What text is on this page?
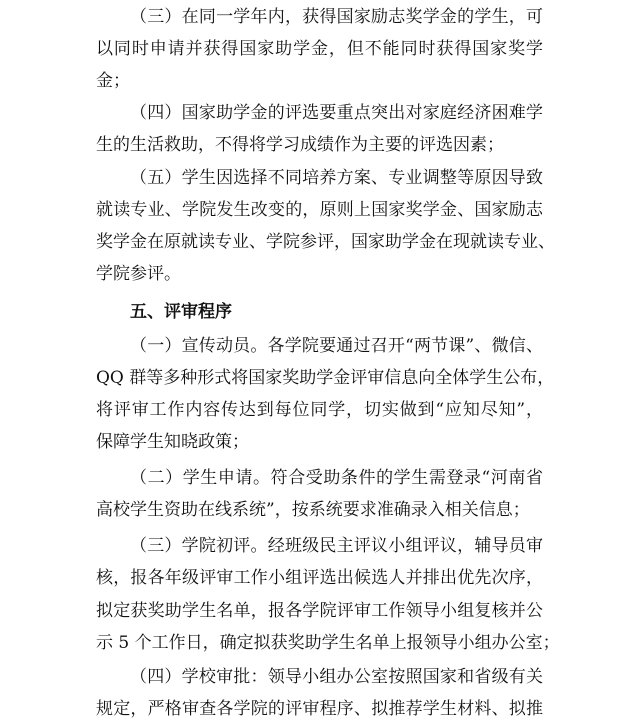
（三）在同一学年内，获得国家励志奖学金的学生，可
以同时申请并获得国家助学金，但不能同时获得国家奖学
金；
（四）国家助学金的评选要重点突出对家庭经济困难学
生的生活救助，不得将学习成绩作为主要的评选因素；
（五）学生因选择不同培养方案、专业调整等原因导致
就读专业、学院发生改变的，原则上国家奖学金、国家励志
奖学金在原就读专业、学院参评，国家助学金在现就读专业、
学院参评。
五、评审程序
（一）宣传动员。各学院要通过召开“两节课”、微信、
QQ 群等多种形式将国家奖助学金评审信息向全体学生公布，
将评审工作内容传达到每位同学，切实做到“应知尽知”，
保障学生知晓政策；
（二）学生申请。符合受助条件的学生需登录“河南省
高校学生资助在线系统”，按系统要求准确录入相关信息；
（三）学院初评。经班级民主评议小组评议，辅导员审
核，报各年级评审工作小组评选出候选人并排出优先次序，
拟定获奖助学生名单，报各学院评审工作领导小组复核并公
示 5 个工作日，确定拟获奖助学生名单上报领导小组办公室；
（四）学校审批：领导小组办公室按照国家和省级有关
规定，严格审查各学院的评审程序、拟推荐学生材料、拟推
